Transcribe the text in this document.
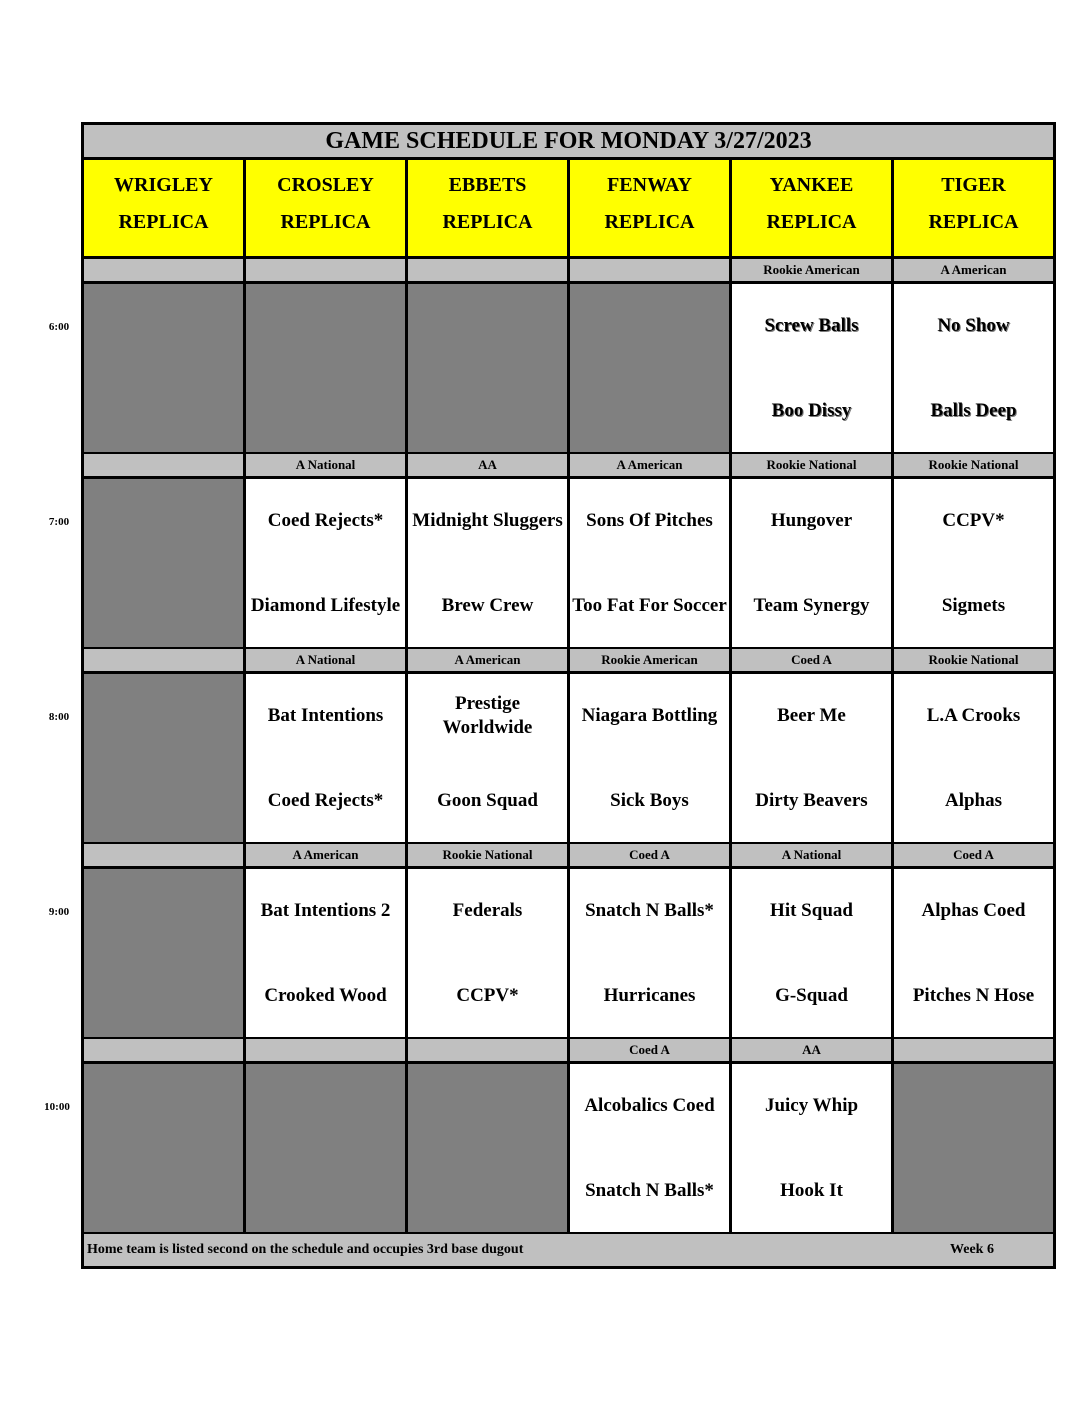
GAME SCHEDULE FOR MONDAY 3/27/2023
WRIGLEY
REPLICA
CROSLEY
REPLICA
EBBETS
REPLICA
FENWAY
REPLICA
YANKEE
REPLICA
TIGER
REPLICA
Rookie American
Screw Balls
Boo Dissy
A American
No Show
Balls Deep
A National
Coed Rejects*
Diamond Lifestyle
AA
Midnight Sluggers
Brew Crew
A American
Sons Of Pitches
Too Fat For Soccer
Rookie National
Hungover
Team Synergy
Rookie National
CCPV*
Sigmets
A National
Bat Intentions
Coed Rejects*
A American
Prestige Worldwide
Goon Squad
Rookie American
Niagara Bottling
Sick Boys
Coed A
Beer Me
Dirty Beavers
Rookie National
L.A Crooks
Alphas
A American
Bat Intentions 2
Crooked Wood
Rookie National
Federals
CCPV*
Coed A
Snatch N Balls*
Hurricanes
A National
Hit Squad
G-Squad
Coed A
Alphas Coed
Pitches N Hose
Coed A
Alcobalics Coed
Snatch N Balls*
AA
Juicy Whip
Hook It
Home team is listed second on the schedule and occupies 3rd base dugout	Week 6
6:00
7:00
8:00
9:00
10:00
